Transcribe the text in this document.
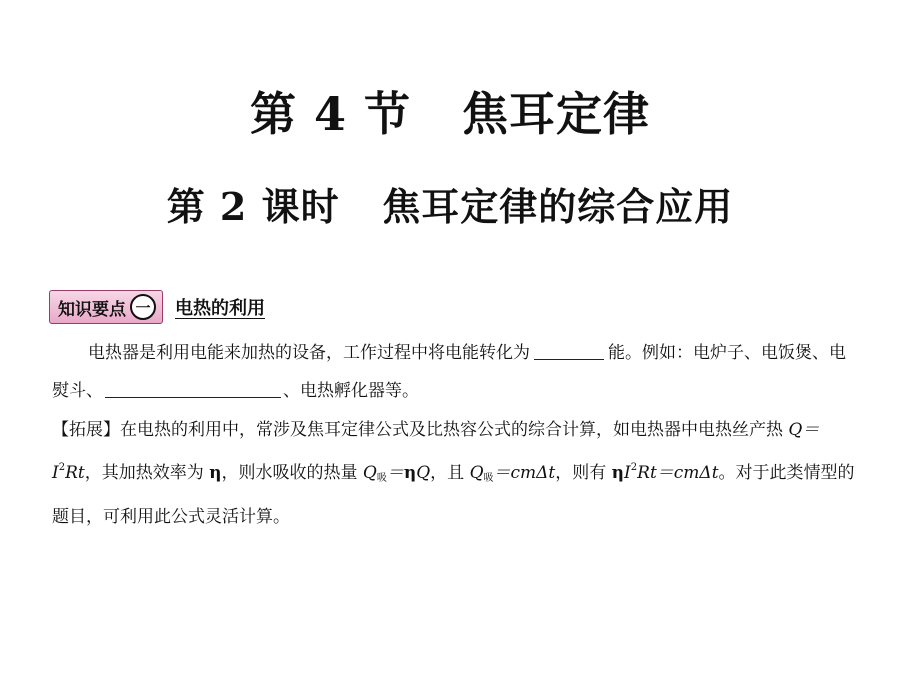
第 4 节   焦耳定律
第 2 课时   焦耳定律的综合应用
知识要点 一	电热的利用
电热器是利用电能来加热的设备，工作过程中将电能转化为	能。例如：电炉子、电饭煲、电熨斗、	、电热孵化器等。
【拓展】在电热的利用中，常涉及焦耳定律公式及比热容公式的综合计算，如电热器中电热丝产热 $Q=I^2Rt$，其加热效率为 η，则水吸收的热量 $Q_吸=\eta Q$，且 $Q_吸=cm\Delta t$，则有 $\eta I^2Rt=cm\Delta t$。对于此类情型的题目，可利用此公式灵活计算。
